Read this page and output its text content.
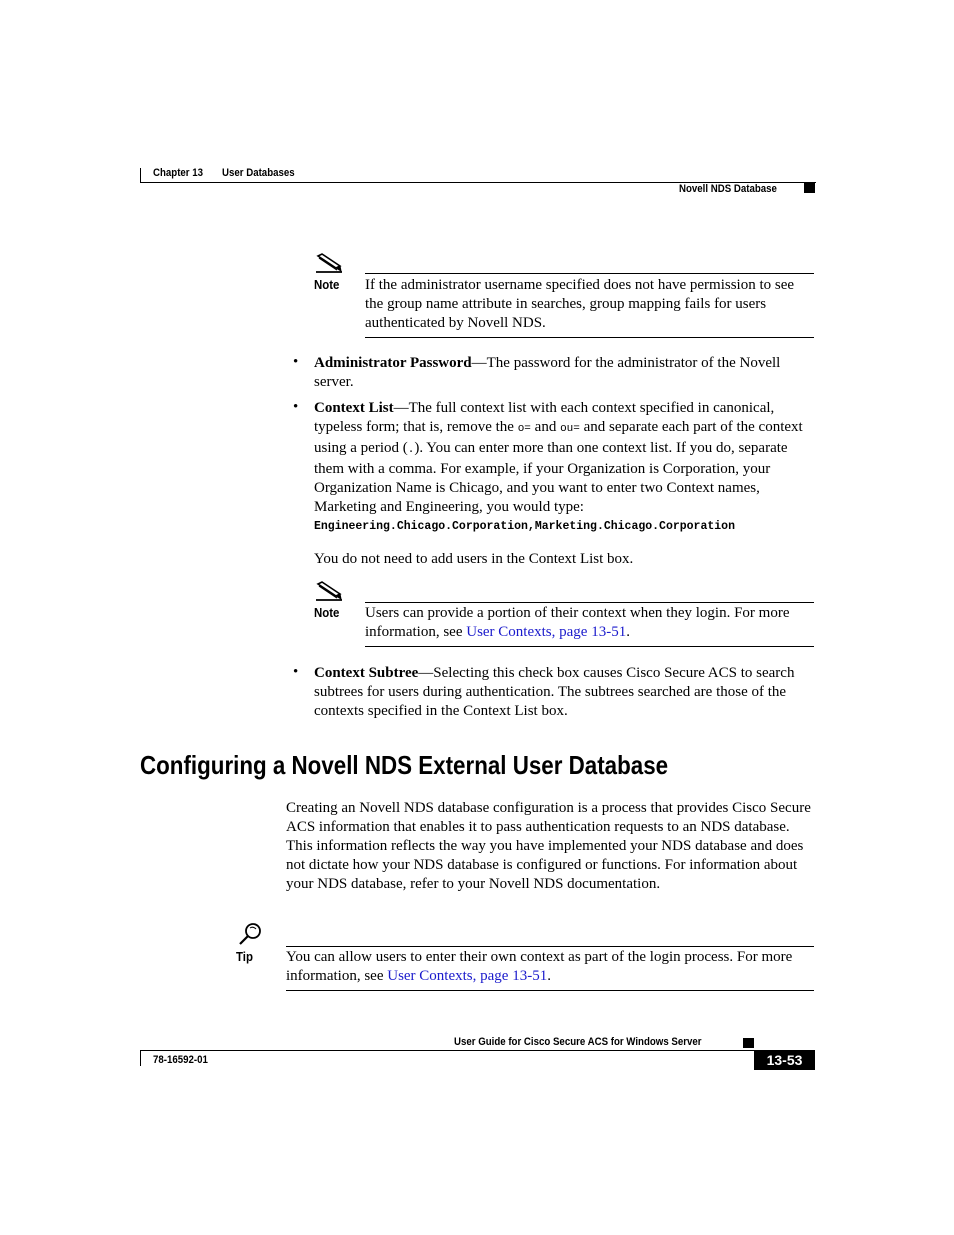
Chapter 13 User Databases
Novell NDS Database
Note If the administrator username specified does not have permission to see the group name attribute in searches, group mapping fails for users authenticated by Novell NDS.
• Administrator Password—The password for the administrator of the Novell server.
• Context List—The full context list with each context specified in canonical, typeless form; that is, remove the o= and ou= and separate each part of the context using a period (.). You can enter more than one context list. If you do, separate them with a comma. For example, if your Organization is Corporation, your Organization Name is Chicago, and you want to enter two Context names, Marketing and Engineering, you would type:
Engineering.Chicago.Corporation,Marketing.Chicago.Corporation
You do not need to add users in the Context List box.
Note Users can provide a portion of their context when they login. For more information, see User Contexts, page 13-51.
• Context Subtree—Selecting this check box causes Cisco Secure ACS to search subtrees for users during authentication. The subtrees searched are those of the contexts specified in the Context List box.
Configuring a Novell NDS External User Database
Creating an Novell NDS database configuration is a process that provides Cisco Secure ACS information that enables it to pass authentication requests to an NDS database. This information reflects the way you have implemented your NDS database and does not dictate how your NDS database is configured or functions. For information about your NDS database, refer to your Novell NDS documentation.
Tip You can allow users to enter their own context as part of the login process. For more information, see User Contexts, page 13-51.
User Guide for Cisco Secure ACS for Windows Server
78-16592-01	13-53
